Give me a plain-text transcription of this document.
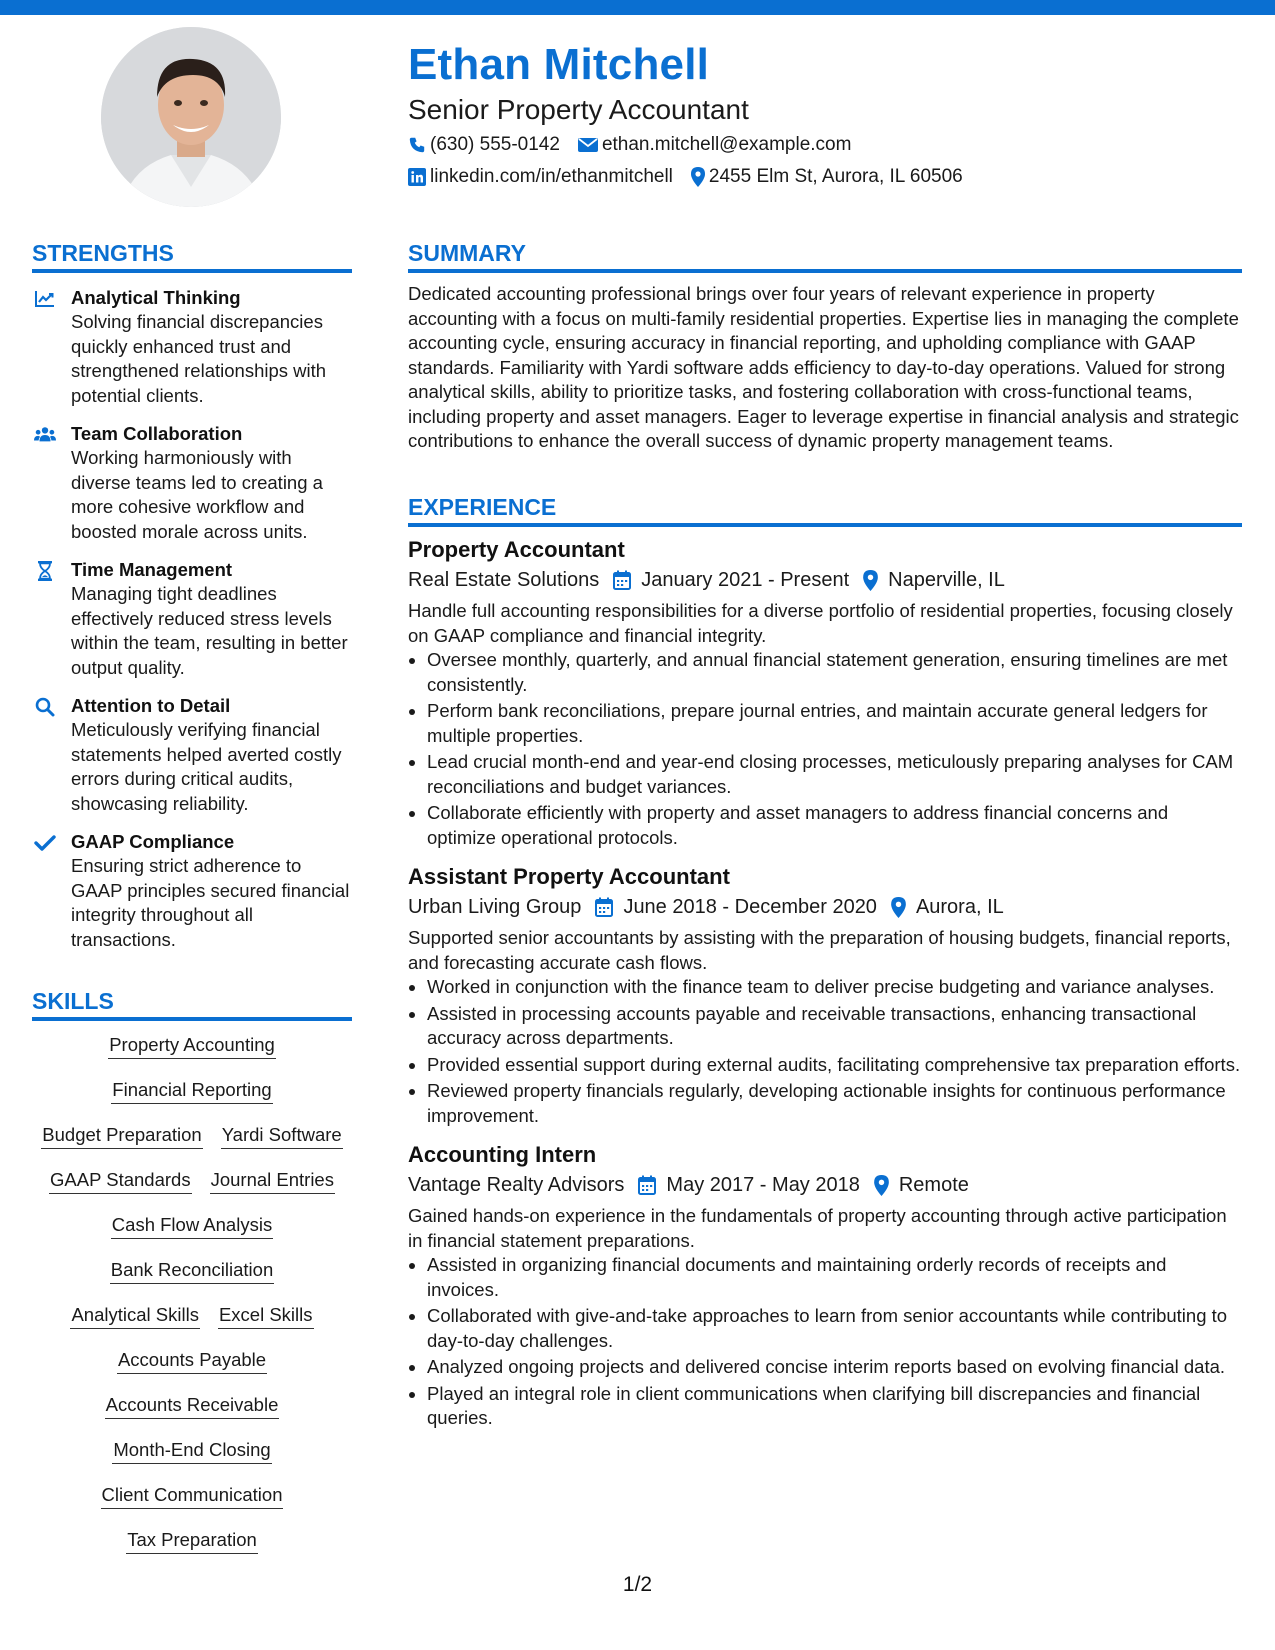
Ethan Mitchell
Senior Property Accountant
(630) 555-0142 ethan.mitchell@example.com
linkedin.com/in/ethanmitchell 2455 Elm St, Aurora, IL 60506
STRENGTHS
Analytical Thinking
Solving financial discrepancies quickly enhanced trust and strengthened relationships with potential clients.
Team Collaboration
Working harmoniously with diverse teams led to creating a more cohesive workflow and boosted morale across units.
Time Management
Managing tight deadlines effectively reduced stress levels within the team, resulting in better output quality.
Attention to Detail
Meticulously verifying financial statements helped averted costly errors during critical audits, showcasing reliability.
GAAP Compliance
Ensuring strict adherence to GAAP principles secured financial integrity throughout all transactions.
SKILLS
Property Accounting
Financial Reporting
Budget Preparation Yardi Software
GAAP Standards Journal Entries
Cash Flow Analysis
Bank Reconciliation
Analytical Skills Excel Skills
Accounts Payable
Accounts Receivable
Month-End Closing
Client Communication
Tax Preparation
SUMMARY
Dedicated accounting professional brings over four years of relevant experience in property accounting with a focus on multi-family residential properties. Expertise lies in managing the complete accounting cycle, ensuring accuracy in financial reporting, and upholding compliance with GAAP standards. Familiarity with Yardi software adds efficiency to day-to-day operations. Valued for strong analytical skills, ability to prioritize tasks, and fostering collaboration with cross-functional teams, including property and asset managers. Eager to leverage expertise in financial analysis and strategic contributions to enhance the overall success of dynamic property management teams.
EXPERIENCE
Property Accountant
Real Estate Solutions January 2021 - Present Naperville, IL
Handle full accounting responsibilities for a diverse portfolio of residential properties, focusing closely on GAAP compliance and financial integrity.
• Oversee monthly, quarterly, and annual financial statement generation, ensuring timelines are met consistently.
• Perform bank reconciliations, prepare journal entries, and maintain accurate general ledgers for multiple properties.
• Lead crucial month-end and year-end closing processes, meticulously preparing analyses for CAM reconciliations and budget variances.
• Collaborate efficiently with property and asset managers to address financial concerns and optimize operational protocols.
Assistant Property Accountant
Urban Living Group June 2018 - December 2020 Aurora, IL
Supported senior accountants by assisting with the preparation of housing budgets, financial reports, and forecasting accurate cash flows.
• Worked in conjunction with the finance team to deliver precise budgeting and variance analyses.
• Assisted in processing accounts payable and receivable transactions, enhancing transactional accuracy across departments.
• Provided essential support during external audits, facilitating comprehensive tax preparation efforts.
• Reviewed property financials regularly, developing actionable insights for continuous performance improvement.
Accounting Intern
Vantage Realty Advisors May 2017 - May 2018 Remote
Gained hands-on experience in the fundamentals of property accounting through active participation in financial statement preparations.
• Assisted in organizing financial documents and maintaining orderly records of receipts and invoices.
• Collaborated with give-and-take approaches to learn from senior accountants while contributing to day-to-day challenges.
• Analyzed ongoing projects and delivered concise interim reports based on evolving financial data.
• Played an integral role in client communications when clarifying bill discrepancies and financial queries.
1/2
